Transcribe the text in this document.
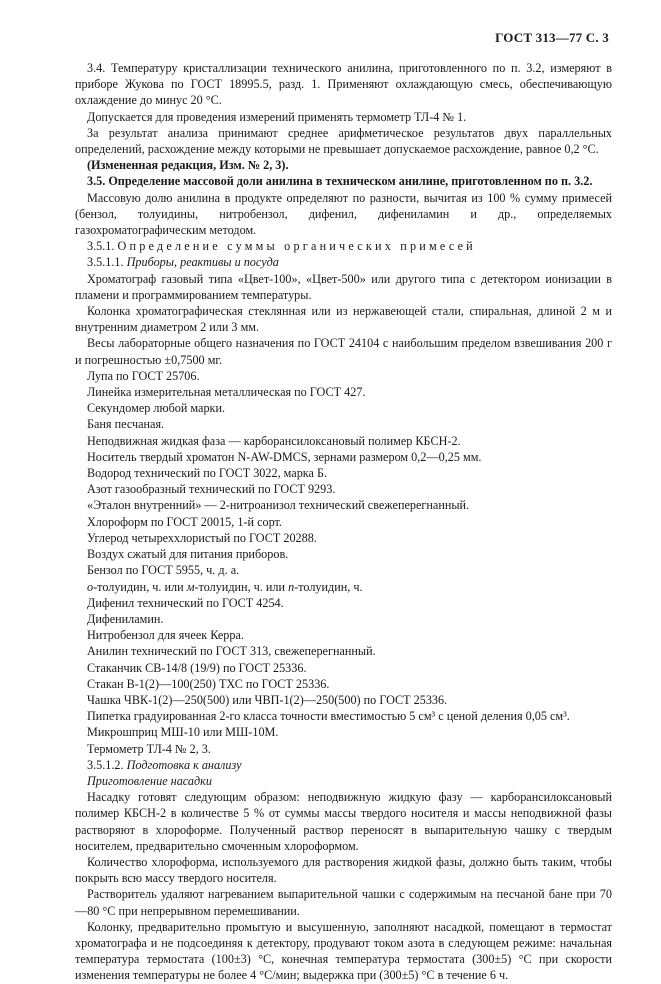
ГОСТ 313—77 С. 3

3.4. Температуру кристаллизации технического анилина, приготовленного по п. 3.2, измеряют в приборе Жукова по ГОСТ 18995.5, разд. 1. Применяют охлаждающую смесь, обеспечивающую охлаждение до минус 20 °С.

Допускается для проведения измерений применять термометр ТЛ-4 № 1.

За результат анализа принимают среднее арифметическое результатов двух параллельных определений, расхождение между которыми не превышает допускаемое расхождение, равное 0,2 °С.

(Измененная редакция, Изм. № 2, 3).

3.5. Определение массовой доли анилина в техническом анилине, приготовленном по п. 3.2.

Массовую долю анилина в продукте определяют по разности, вычитая из 100 % сумму примесей (бензол, толуидины, нитробензол, дифенил, дифениламин и др., определяемых газохроматографическим методом.

3.5.1. Определение суммы органических примесей

3.5.1.1. Приборы, реактивы и посуда

Хроматограф газовый типа «Цвет-100», «Цвет-500» или другого типа с детектором ионизации в пламени и программированием температуры.

Колонка хроматографическая стеклянная или из нержавеющей стали, спиральная, длиной 2 м и внутренним диаметром 2 или 3 мм.

Весы лабораторные общего назначения по ГОСТ 24104 с наибольшим пределом взвешивания 200 г и погрешностью ±0,7500 мг.

Лупа по ГОСТ 25706.

Линейка измерительная металлическая по ГОСТ 427.

Секундомер любой марки.

Баня песчаная.

Неподвижная жидкая фаза — карборансилоксановый полимер КБСН-2.

Носитель твердый хроматон N-AW-DMCS, зернами размером 0,2—0,25 мм.

Водород технический по ГОСТ 3022, марка Б.

Азот газообразный технический по ГОСТ 9293.

«Эталон внутренний» — 2-нитроанизол технический свежеперегнанный.

Хлороформ по ГОСТ 20015, 1-й сорт.

Углерод четыреххлористый по ГОСТ 20288.

Воздух сжатый для питания приборов.

Бензол по ГОСТ 5955, ч. д. а.

о-толуидин, ч. или м-толуидин, ч. или п-толуидин, ч.

Дифенил технический по ГОСТ 4254.

Дифениламин.

Нитробензол для ячеек Керра.

Анилин технический по ГОСТ 313, свежеперегнанный.

Стаканчик СВ-14/8 (19/9) по ГОСТ 25336.

Стакан В-1(2)—100(250) ТХС по ГОСТ 25336.

Чашка ЧВК-1(2)—250(500) или ЧВП-1(2)—250(500) по ГОСТ 25336.

Пипетка градуированная 2-го класса точности вместимостью 5 см³ с ценой деления 0,05 см³.

Микрошприц МШ-10 или МШ-10М.

Термометр ТЛ-4 № 2, 3.

3.5.1.2. Подготовка к анализу

Приготовление насадки

Насадку готовят следующим образом: неподвижную жидкую фазу — карборансилоксановый полимер КБСН-2 в количестве 5 % от суммы массы твердого носителя и массы неподвижной фазы растворяют в хлороформе. Полученный раствор переносят в выпарительную чашку с твердым носителем, предварительно смоченным хлороформом.

Количество хлороформа, используемого для растворения жидкой фазы, должно быть таким, чтобы покрыть всю массу твердого носителя.

Растворитель удаляют нагреванием выпарительной чашки с содержимым на песчаной бане при 70—80 °С при непрерывном перемешивании.

Колонку, предварительно промытую и высушенную, заполняют насадкой, помещают в термостат хроматографа и не подсоединяя к детектору, продувают током азота в следующем режиме: начальная температура термостата (100±3) °С, конечная температура термостата (300±5) °С при скорости изменения температуры не более 4 °С/мин; выдержка при (300±5) °С в течение 6 ч.
